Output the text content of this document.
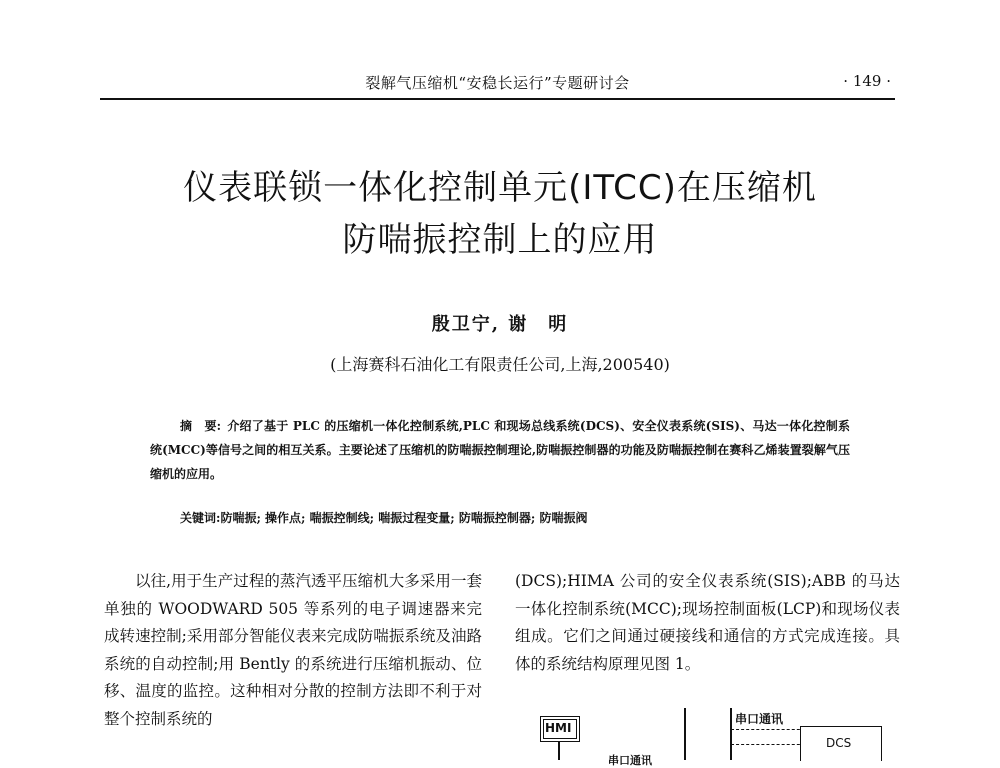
裂解气压缩机“安稳长运行”专题研讨会	· 149 ·
仪表联锁一体化控制单元(ITCC)在压缩机
防喘振控制上的应用
殷卫宁, 谢　明
(上海赛科石油化工有限责任公司,上海,200540)
摘　要: 介绍了基于 PLC 的压缩机一体化控制系统,PLC 和现场总线系统(DCS)、安全仪表系统(SIS)、马达一体化控制系统(MCC)等信号之间的相互关系。主要论述了压缩机的防喘振控制理论,防喘振控制器的功能及防喘振控制在赛科乙烯装置裂解气压缩机的应用。
关键词:防喘振; 操作点; 喘振控制线; 喘振过程变量; 防喘振控制器; 防喘振阀
以往,用于生产过程的蒸汽透平压缩机大多采用一套单独的 WOODWARD 505 等系列的电子调速器来完成转速控制;采用部分智能仪表来完成防喘振系统及油路系统的自动控制;用 Bently 的系统进行压缩机振动、位移、温度的监控。这种相对分散的控制方法即不利于对整个控制系统的
(DCS);HIMA 公司的安全仪表系统(SIS);ABB 的马达一体化控制系统(MCC);现场控制面板(LCP)和现场仪表组成。它们之间通过硬接线和通信的方式完成连接。具体的系统结构原理见图 1。
HMI
串口通讯
串口通讯
DCS
